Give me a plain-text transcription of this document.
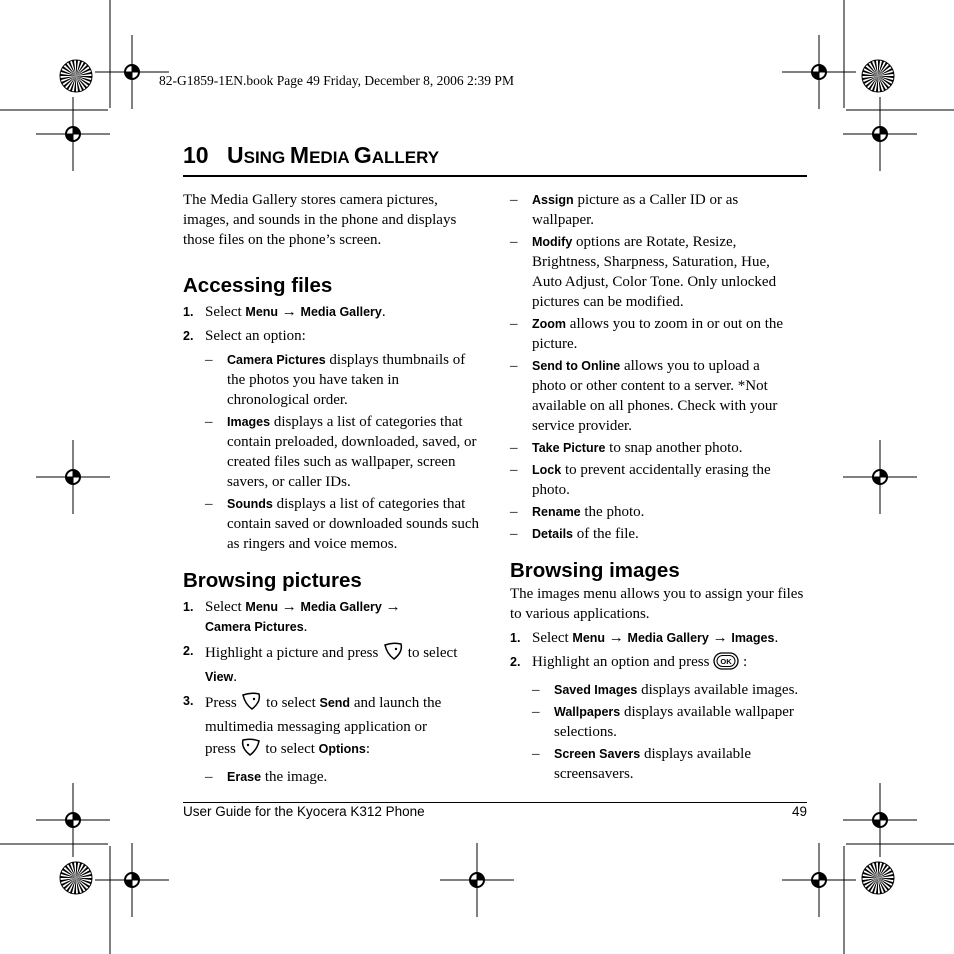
82-G1859-1EN.book Page 49 Friday, December 8, 2006 2:39 PM
10 USING MEDIA GALLERY

The Media Gallery stores camera pictures, images, and sounds in the phone and displays those files on the phone’s screen.

Accessing files
1. Select Menu → Media Gallery.
2. Select an option:
– Camera Pictures displays thumbnails of the photos you have taken in chronological order.
– Images displays a list of categories that contain preloaded, downloaded, saved, or created files such as wallpaper, screen savers, or caller IDs.
– Sounds displays a list of categories that contain saved or downloaded sounds such as ringers and voice memos.
Browsing pictures
1. Select Menu → Media Gallery →
Camera Pictures.
2. Highlight a picture and press  to select
View.
3. Press  to select Send and launch the multimedia messaging application or press  to select Options:
– Erase the image.
– Assign picture as a Caller ID or as wallpaper.
– Modify options are Rotate, Resize, Brightness, Sharpness, Saturation, Hue, Auto Adjust, Color Tone. Only unlocked pictures can be modified.
– Zoom allows you to zoom in or out on the picture.
– Send to Online allows you to upload a photo or other content to a server. *Not available on all phones. Check with your service provider.
– Take Picture to snap another photo.
– Lock to prevent accidentally erasing the photo.
– Rename the photo.
– Details of the file.
Browsing images

The images menu allows you to assign your files to various applications.

1. Select Menu → Media Gallery → Images.
2. Highlight an option and press OK :
– Saved Images displays available images.
– Wallpapers displays available wallpaper selections.
– Screen Savers displays available screensavers.
User Guide for the Kyocera K312 Phone	49
